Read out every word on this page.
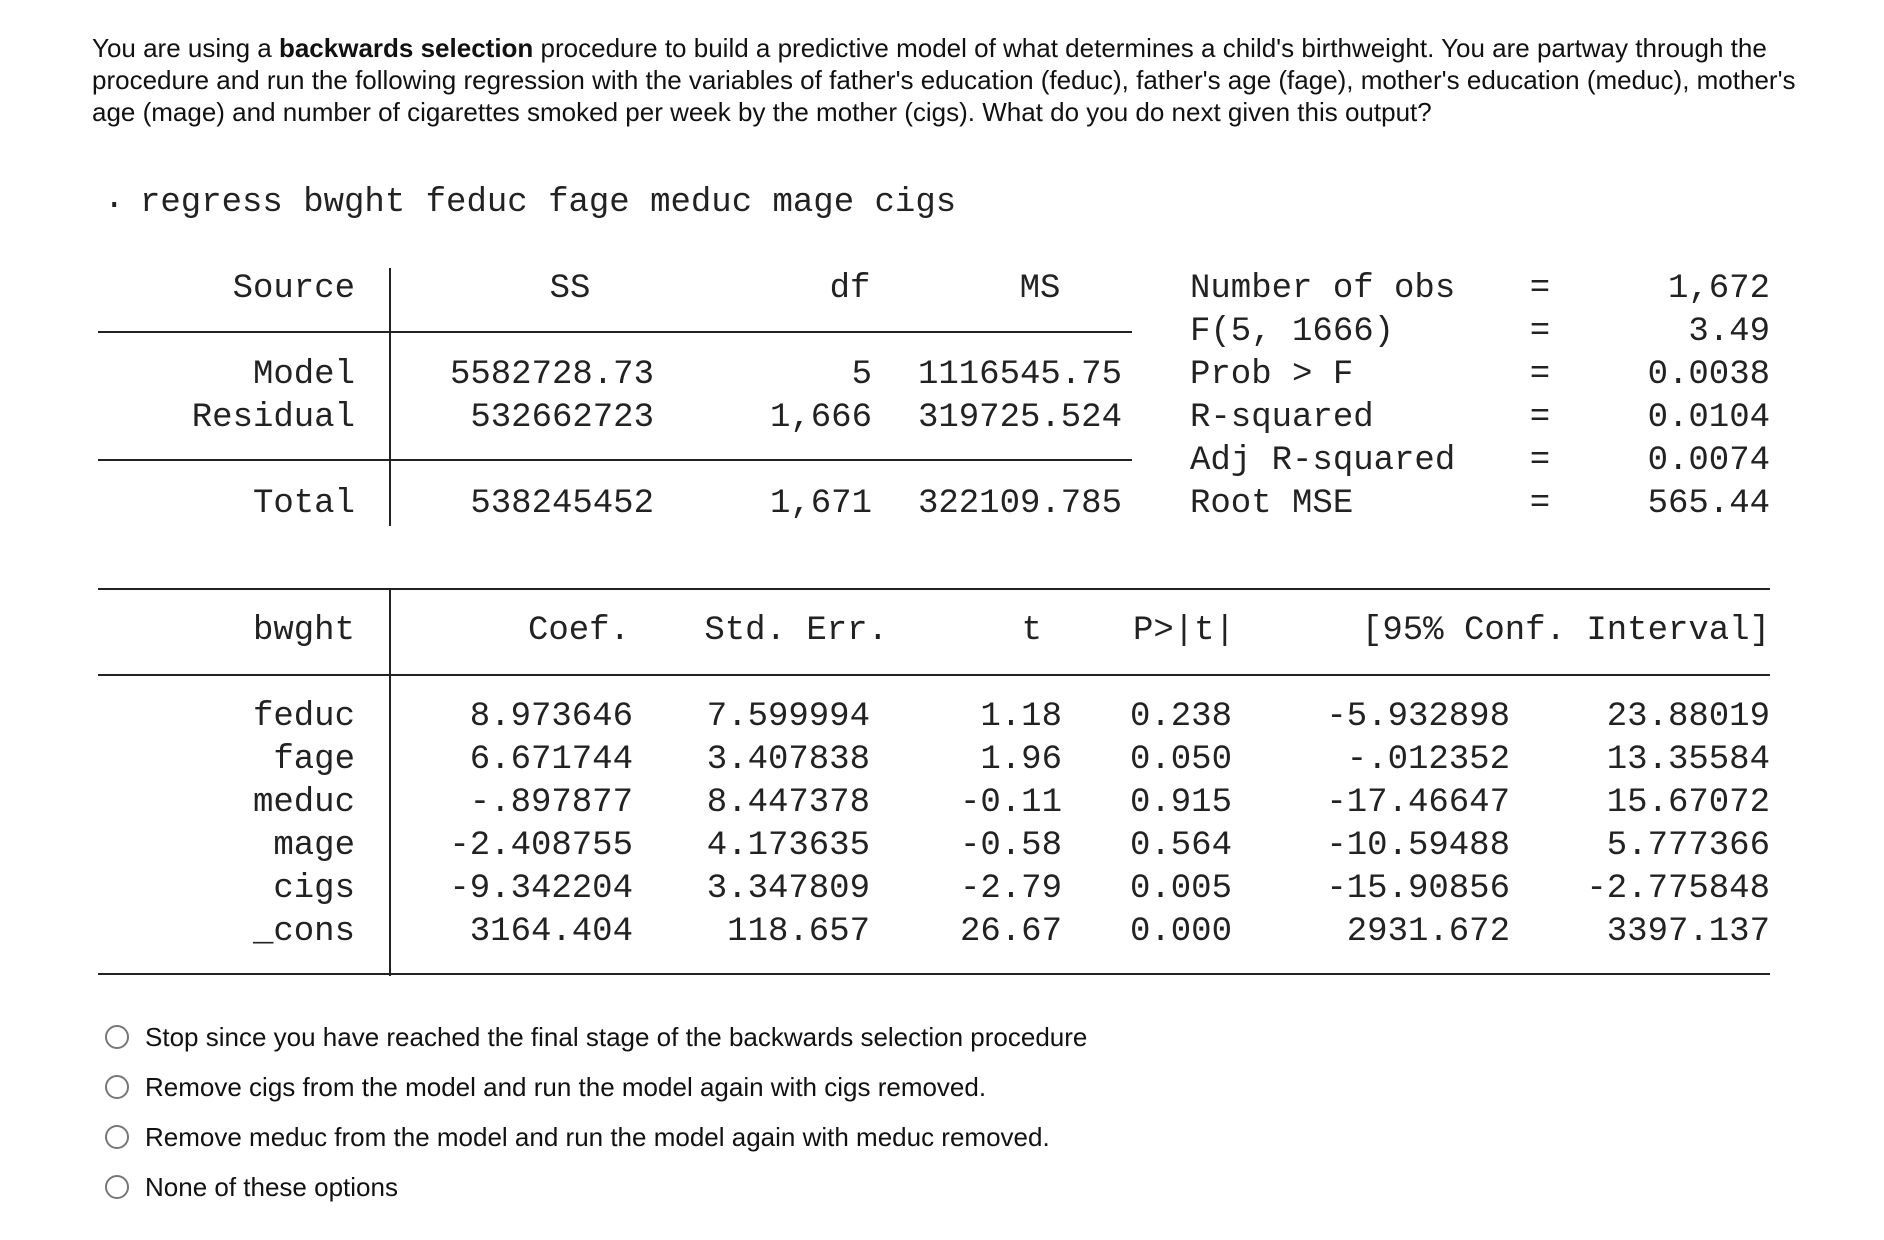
You are using a backwards selection procedure to build a predictive model of what determines a child's birthweight. You are partway through the procedure and run the following regression with the variables of father's education (feduc), father's age (fage), mother's education (meduc), mother's age (mage) and number of cigarettes smoked per week by the mother (cigs). What do you do next given this output?
. regress bwght feduc fage meduc mage cigs
Source	SS	df	MS
Model	5582728.73	5	1116545.75
Residual	532662723	1,666	319725.524
Total	538245452	1,671	322109.785
Number of obs =	1,672
F(5, 1666)	=	3.49
Prob > F	=	0.0038
R-squared	=	0.0104
Adj R-squared =	0.0074
Root MSE	=	565.44
bwght	Coef.	Std. Err.	t	P>|t|	[95% Conf. Interval]
feduc	8.973646	7.599994	1.18	0.238	-5.932898	23.88019
fage	6.671744	3.407838	1.96	0.050	-.012352	13.35584
meduc	-.897877	8.447378	-0.11	0.915	-17.46647	15.67072
mage	-2.408755	4.173635	-0.58	0.564	-10.59488	5.777366
cigs	-9.342204	3.347809	-2.79	0.005	-15.90856	-2.775848
_cons	3164.404	118.657	26.67	0.000	2931.672	3397.137
Stop since you have reached the final stage of the backwards selection procedure
Remove cigs from the model and run the model again with cigs removed.
Remove meduc from the model and run the model again with meduc removed.
None of these options
